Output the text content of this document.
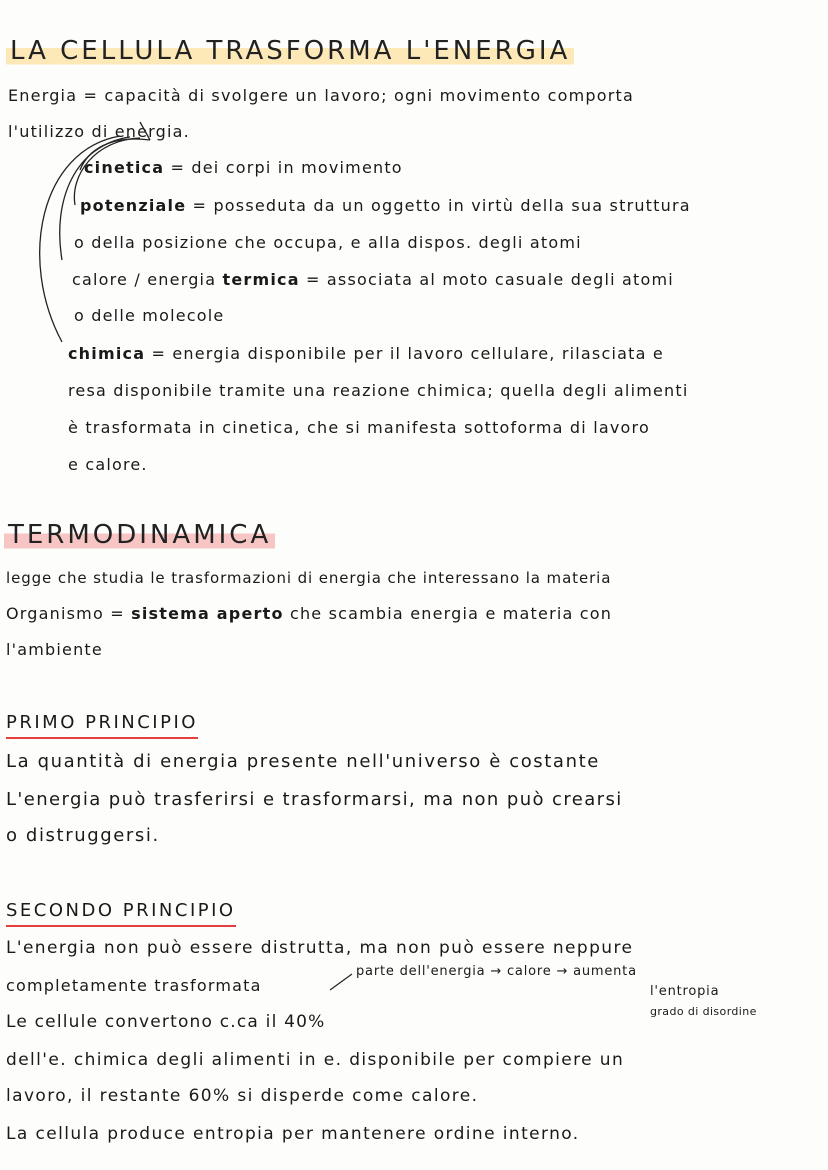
LA CELLULA TRASFORMA L'ENERGIA
Energia = capacità di svolgere un lavoro; ogni movimento comporta
l'utilizzo di energia.
cinetica = dei corpi in movimento
potenziale = posseduta da un oggetto in virtù della sua struttura
o della posizione che occupa, e alla dispos. degli atomi
calore / energia termica = associata al moto casuale degli atomi
o delle molecole
chimica = energia disponibile per il lavoro cellulare, rilasciata e
resa disponibile tramite una reazione chimica; quella degli alimenti
è trasformata in cinetica, che si manifesta sottoforma di lavoro
e calore.
TERMODINAMICA
legge che studia le trasformazioni di energia che interessano la materia
Organismo = sistema aperto che scambia energia e materia con
l'ambiente
PRIMO PRINCIPIO
La quantità di energia presente nell'universo è costante
L'energia può trasferirsi e trasformarsi, ma non può crearsi
o distruggersi.
SECONDO PRINCIPIO
L'energia non può essere distrutta, ma non può essere neppure
completamente trasformata
parte dell'energia → calore → aumenta
l'entropia
grado di disordine
Le cellule convertono c.ca il 40%
dell'e. chimica degli alimenti in e. disponibile per compiere un
lavoro, il restante 60% si disperde come calore.
La cellula produce entropia per mantenere ordine interno.
